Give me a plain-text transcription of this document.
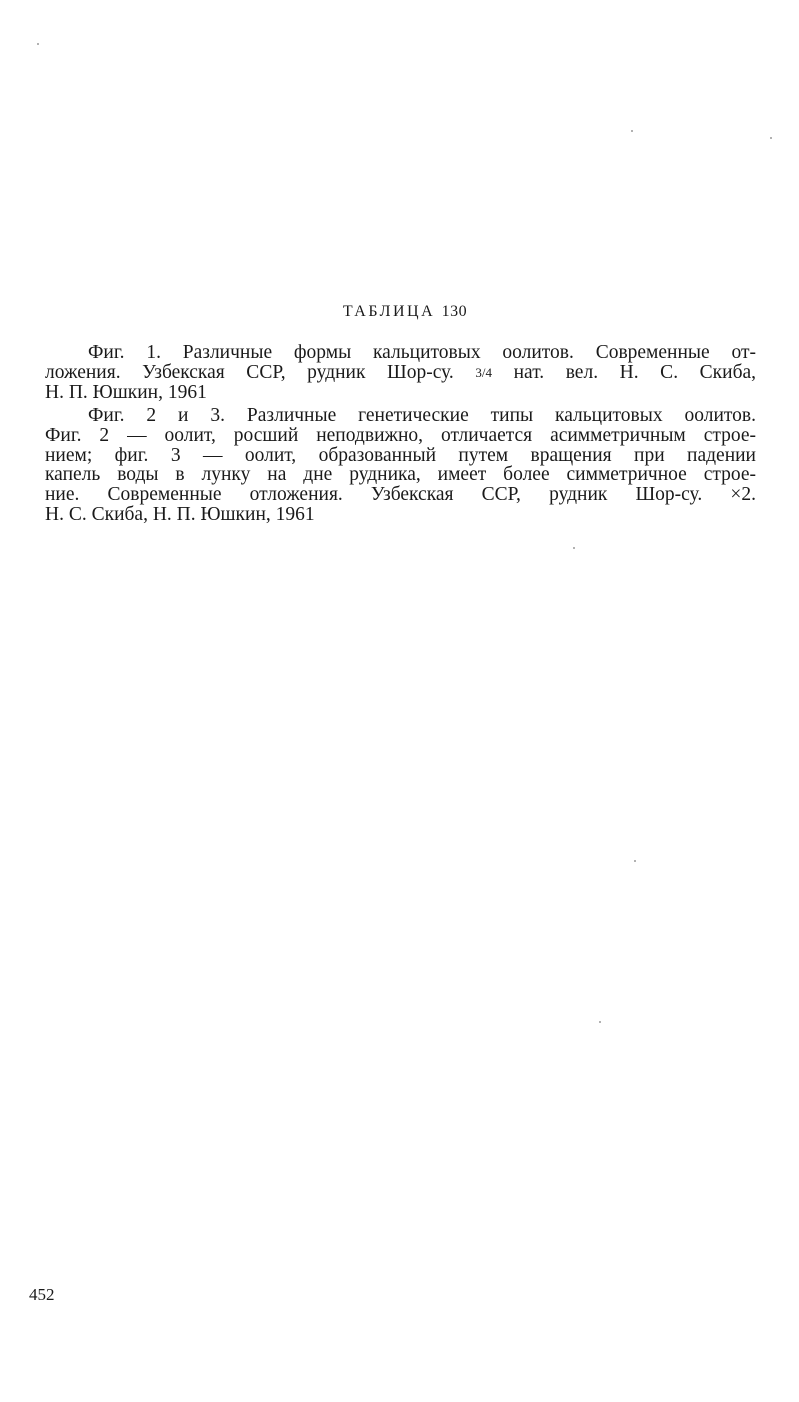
ТАБЛИЦА 130
Фиг. 1. Различные формы кальцитовых оолитов. Современные от-
ложения. Узбекская ССР, рудник Шор-су. 3/4 нат. вел. Н. С. Скиба,
Н. П. Юшкин, 1961
Фиг. 2 и 3. Различные генетические типы кальцитовых оолитов.
Фиг. 2 — оолит, росший неподвижно, отличается асимметричным строе-
нием; фиг. 3 — оолит, образованный путем вращения при падении
капель воды в лунку на дне рудника, имеет более симметричное строе-
ние. Современные отложения. Узбекская ССР, рудник Шор-су. ×2.
Н. С. Скиба, Н. П. Юшкин, 1961
452
